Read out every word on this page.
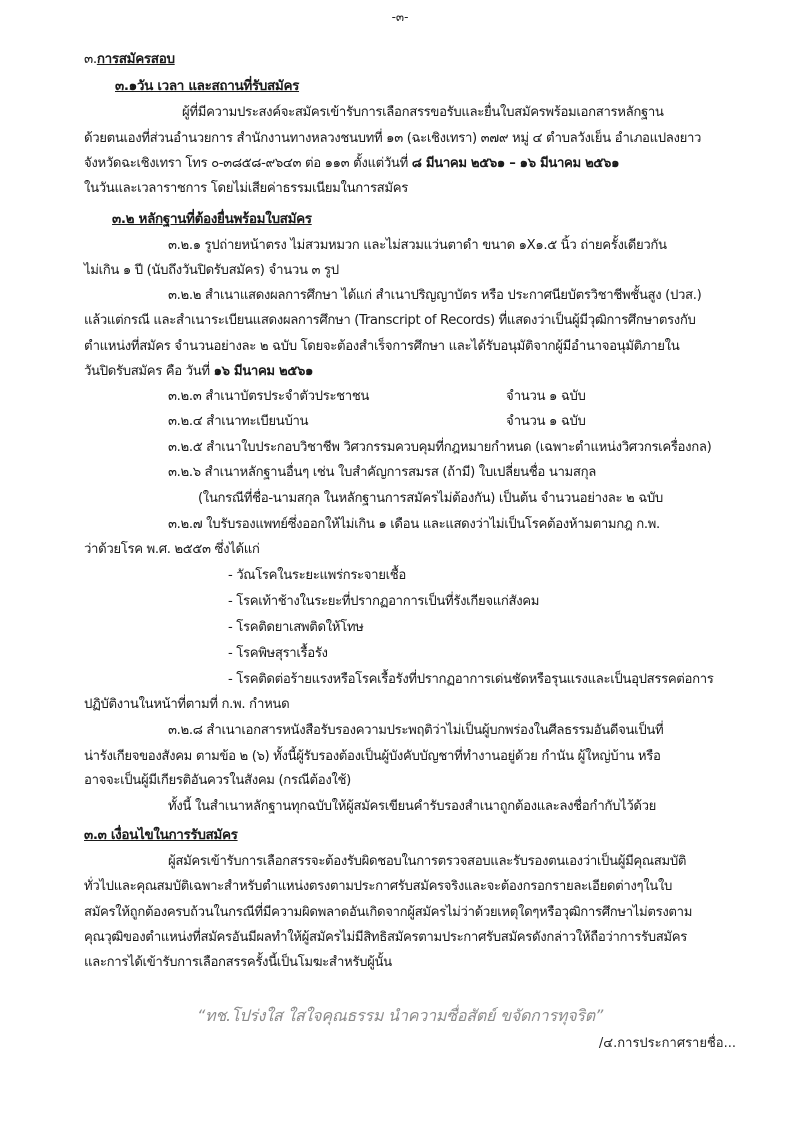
-๓-
๓.การสมัครสอบ
๓.๑วัน เวลา และสถานที่รับสมัคร
ผู้ที่มีความประสงค์จะสมัครเข้ารับการเลือกสรรขอรับและยื่นใบสมัครพร้อมเอกสารหลักฐาน
ด้วยตนเองที่ส่วนอำนวยการ สำนักงานทางหลวงชนบทที่ ๑๓ (ฉะเชิงเทรา) ๓๗๙ หมู่ ๔ ตำบลวังเย็น อำเภอแปลงยาว
จังหวัดฉะเชิงเทรา โทร ๐-๓๘๕๘-๙๖๔๓ ต่อ ๑๑๓ ตั้งแต่วันที่ ๘ มีนาคม ๒๕๖๑ – ๑๖ มีนาคม ๒๕๖๑
ในวันและเวลาราชการ โดยไม่เสียค่าธรรมเนียมในการสมัคร
๓.๒ หลักฐานที่ต้องยื่นพร้อมใบสมัคร
๓.๒.๑ รูปถ่ายหน้าตรง ไม่สวมหมวก และไม่สวมแว่นตาดำ ขนาด ๑X๑.๕ นิ้ว ถ่ายครั้งเดียวกัน
ไม่เกิน ๑ ปี (นับถึงวันปิดรับสมัคร) จำนวน ๓ รูป
๓.๒.๒ สำเนาแสดงผลการศึกษา ได้แก่ สำเนาปริญญาบัตร หรือ ประกาศนียบัตรวิชาชีพชั้นสูง (ปวส.)
แล้วแต่กรณี และสำเนาระเบียนแสดงผลการศึกษา (Transcript of Records) ที่แสดงว่าเป็นผู้มีวุฒิการศึกษาตรงกับ
ตำแหน่งที่สมัคร จำนวนอย่างละ ๒ ฉบับ โดยจะต้องสำเร็จการศึกษา และได้รับอนุมัติจากผู้มีอำนาจอนุมัติภายใน
วันปิดรับสมัคร คือ วันที่ ๑๖ มีนาคม ๒๕๖๑
๓.๒.๓ สำเนาบัตรประจำตัวประชาชน	จำนวน ๑ ฉบับ
๓.๒.๔ สำเนาทะเบียนบ้าน	จำนวน ๑ ฉบับ
๓.๒.๕ สำเนาใบประกอบวิชาชีพ วิศวกรรมควบคุมที่กฎหมายกำหนด (เฉพาะตำแหน่งวิศวกรเครื่องกล)
๓.๒.๖ สำเนาหลักฐานอื่นๆ เช่น ใบสำคัญการสมรส (ถ้ามี) ใบเปลี่ยนชื่อ นามสกุล
(ในกรณีที่ชื่อ-นามสกุล ในหลักฐานการสมัครไม่ต้องกัน) เป็นต้น จำนวนอย่างละ ๒ ฉบับ
๓.๒.๗ ใบรับรองแพทย์ซึ่งออกให้ไม่เกิน ๑ เดือน และแสดงว่าไม่เป็นโรคต้องห้ามตามกฎ ก.พ.
ว่าด้วยโรค พ.ศ. ๒๕๕๓ ซึ่งได้แก่
- วัณโรคในระยะแพร่กระจายเชื้อ
- โรคเท้าช้างในระยะที่ปรากฏอาการเป็นที่รังเกียจแก่สังคม
- โรคติดยาเสพติดให้โทษ
- โรคพิษสุราเรื้อรัง
- โรคติดต่อร้ายแรงหรือโรคเรื้อรังที่ปรากฏอาการเด่นชัดหรือรุนแรงและเป็นอุปสรรคต่อการ
ปฏิบัติงานในหน้าที่ตามที่ ก.พ. กำหนด
๓.๒.๘ สำเนาเอกสารหนังสือรับรองความประพฤติว่าไม่เป็นผู้บกพร่องในศีลธรรมอันดีจนเป็นที่
น่ารังเกียจของสังคม ตามข้อ ๒ (๖) ทั้งนี้ผู้รับรองต้องเป็นผู้บังคับบัญชาที่ทำงานอยู่ด้วย กำนัน ผู้ใหญ่บ้าน หรือ
อาจจะเป็นผู้มีเกียรติอันควรในสังคม (กรณีต้องใช้)
ทั้งนี้ ในสำเนาหลักฐานทุกฉบับให้ผู้สมัครเขียนคำรับรองสำเนาถูกต้องและลงชื่อกำกับไว้ด้วย
๓.๓ เงื่อนไขในการรับสมัคร
ผู้สมัครเข้ารับการเลือกสรรจะต้องรับผิดชอบในการตรวจสอบและรับรองตนเองว่าเป็นผู้มีคุณสมบัติ
ทั่วไปและคุณสมบัติเฉพาะสำหรับตำแหน่งตรงตามประกาศรับสมัครจริงและจะต้องกรอกรายละเอียดต่างๆในใบ
สมัครให้ถูกต้องครบถ้วนในกรณีที่มีความผิดพลาดอันเกิดจากผู้สมัครไม่ว่าด้วยเหตุใดๆหรือวุฒิการศึกษาไม่ตรงตาม
คุณวุฒิของตำแหน่งที่สมัครอันมีผลทำให้ผู้สมัครไม่มีสิทธิสมัครตามประกาศรับสมัครดังกล่าวให้ถือว่าการรับสมัคร
และการได้เข้ารับการเลือกสรรครั้งนี้เป็นโมฆะสำหรับผู้นั้น
“ทช.โปร่งใส ใสใจคุณธรรม นำความซื่อสัตย์ ขจัดการทุจริต”
/๔.การประกาศรายชื่อ...
